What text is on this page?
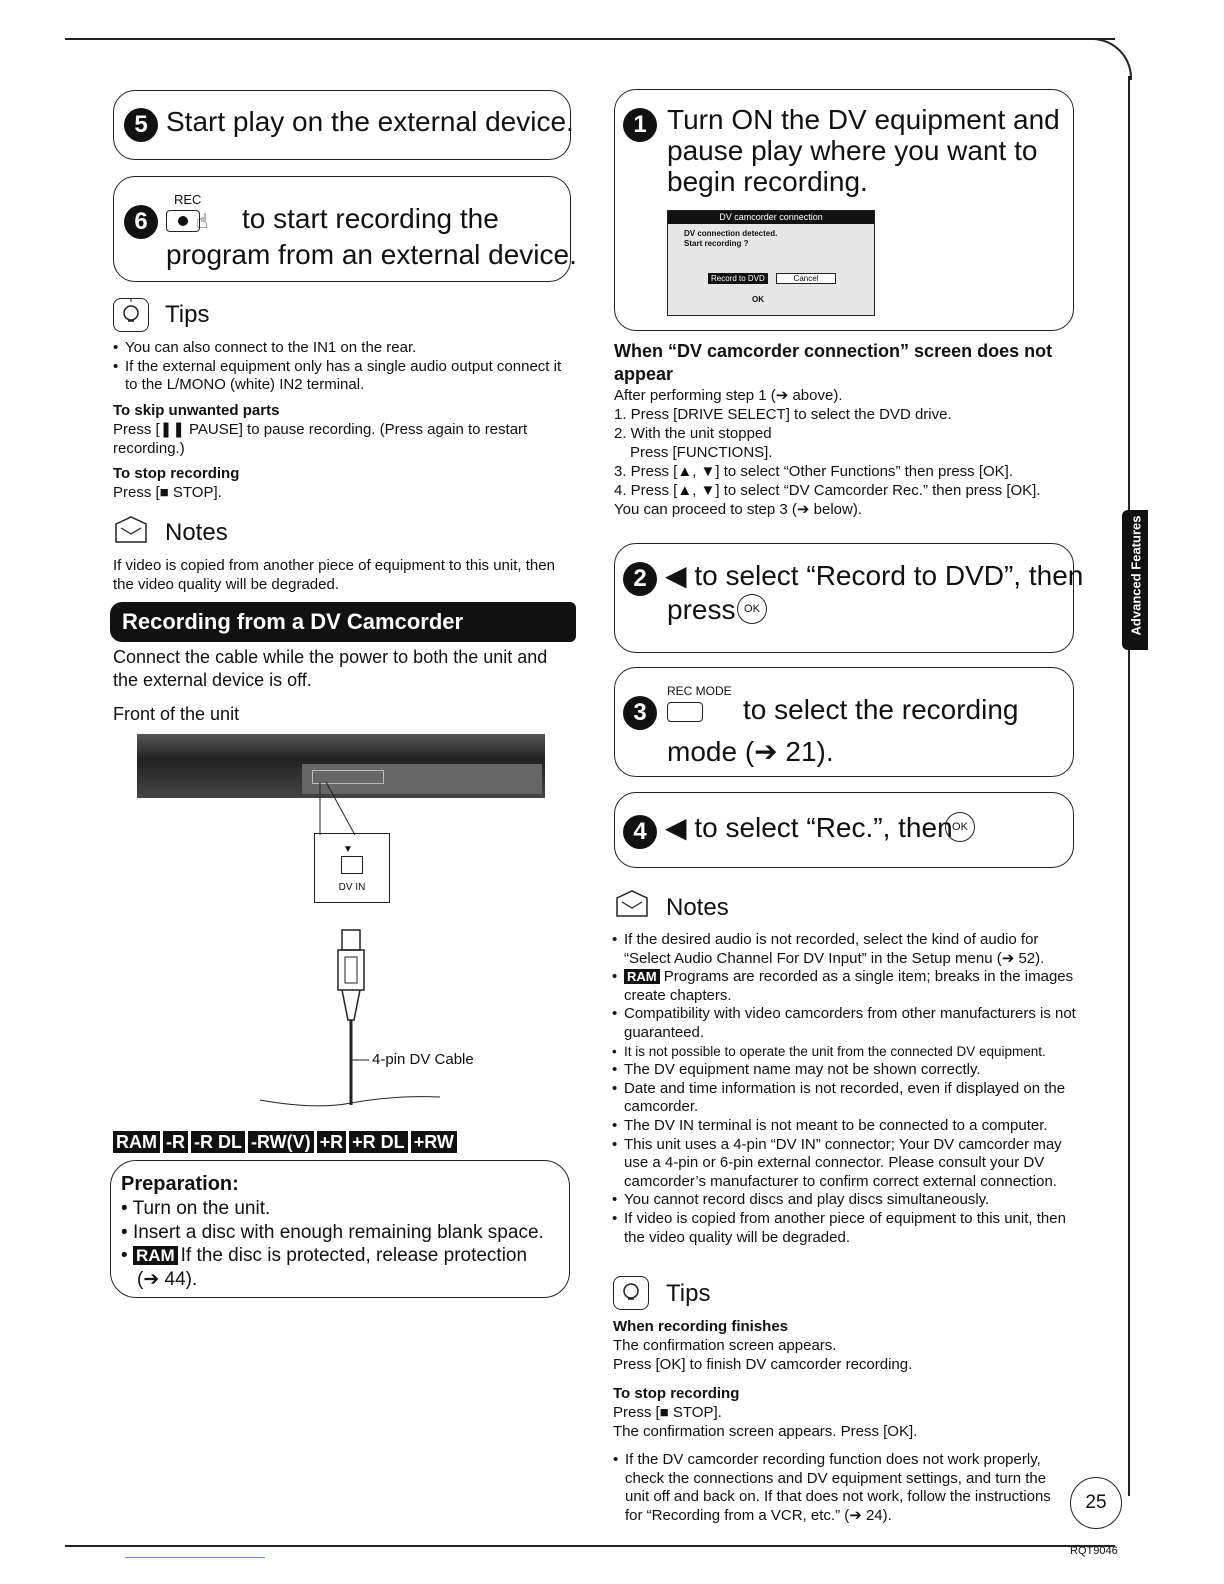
5 Start play on the external device.
6
REC
☝ to start recording the
program from an external device.
Tips
• You can also connect to the IN1 on the rear.
• If the external equipment only has a single audio output connect it to the L/MONO (white) IN2 terminal.
To skip unwanted parts
Press [❚❚ PAUSE] to pause recording. (Press again to restart recording.)
To stop recording
Press [■ STOP].
Notes
If video is copied from another piece of equipment to this unit, then the video quality will be degraded.
Recording from a DV Camcorder
Connect the cable while the power to both the unit and the external device is off.
Front of the unit
▼
DV IN
4-pin DV Cable
RAM -R -R DL -RW(V) +R +R DL +RW
Preparation:
• Turn on the unit.
• Insert a disc with enough remaining blank space.
• RAM If the disc is protected, release protection
(➔ 44).
1 Turn ON the DV equipment and
pause play where you want to
begin recording.
DV camcorder connection
DV connection detected.
Start recording ?
Record to DVD	Cancel
OK
When “DV camcorder connection” screen does not appear
After performing step 1 (➔ above).
1. Press [DRIVE SELECT] to select the DVD drive.
2. With the unit stopped
Press [FUNCTIONS].
3. Press [▲, ▼] to select “Other Functions” then press [OK].
4. Press [▲, ▼] to select “DV Camcorder Rec.” then press [OK].
You can proceed to step 3 (➔ below).
2 ◀ to select “Record to DVD”, then
press OK
3
REC MODE
to select the recording
mode (➔ 21).
4 ◀ to select “Rec.”, then OK
Notes
• If the desired audio is not recorded, select the kind of audio for “Select Audio Channel For DV Input” in the Setup menu (➔ 52).
• RAM Programs are recorded as a single item; breaks in the images create chapters.
• Compatibility with video camcorders from other manufacturers is not guaranteed.
• It is not possible to operate the unit from the connected DV equipment.
• The DV equipment name may not be shown correctly.
• Date and time information is not recorded, even if displayed on the camcorder.
• The DV IN terminal is not meant to be connected to a computer.
• This unit uses a 4-pin “DV IN” connector; Your DV camcorder may use a 4-pin or 6-pin external connector. Please consult your DV camcorder’s manufacturer to confirm correct external connection.
• You cannot record discs and play discs simultaneously.
• If video is copied from another piece of equipment to this unit, then the video quality will be degraded.
Tips
When recording finishes
The confirmation screen appears.
Press [OK] to finish DV camcorder recording.
To stop recording
Press [■ STOP].
The confirmation screen appears. Press [OK].
• If the DV camcorder recording function does not work properly, check the connections and DV equipment settings, and turn the unit off and back on. If that does not work, follow the instructions for “Recording from a VCR, etc.” (➔ 24).
Advanced Features
25
RQT9046
